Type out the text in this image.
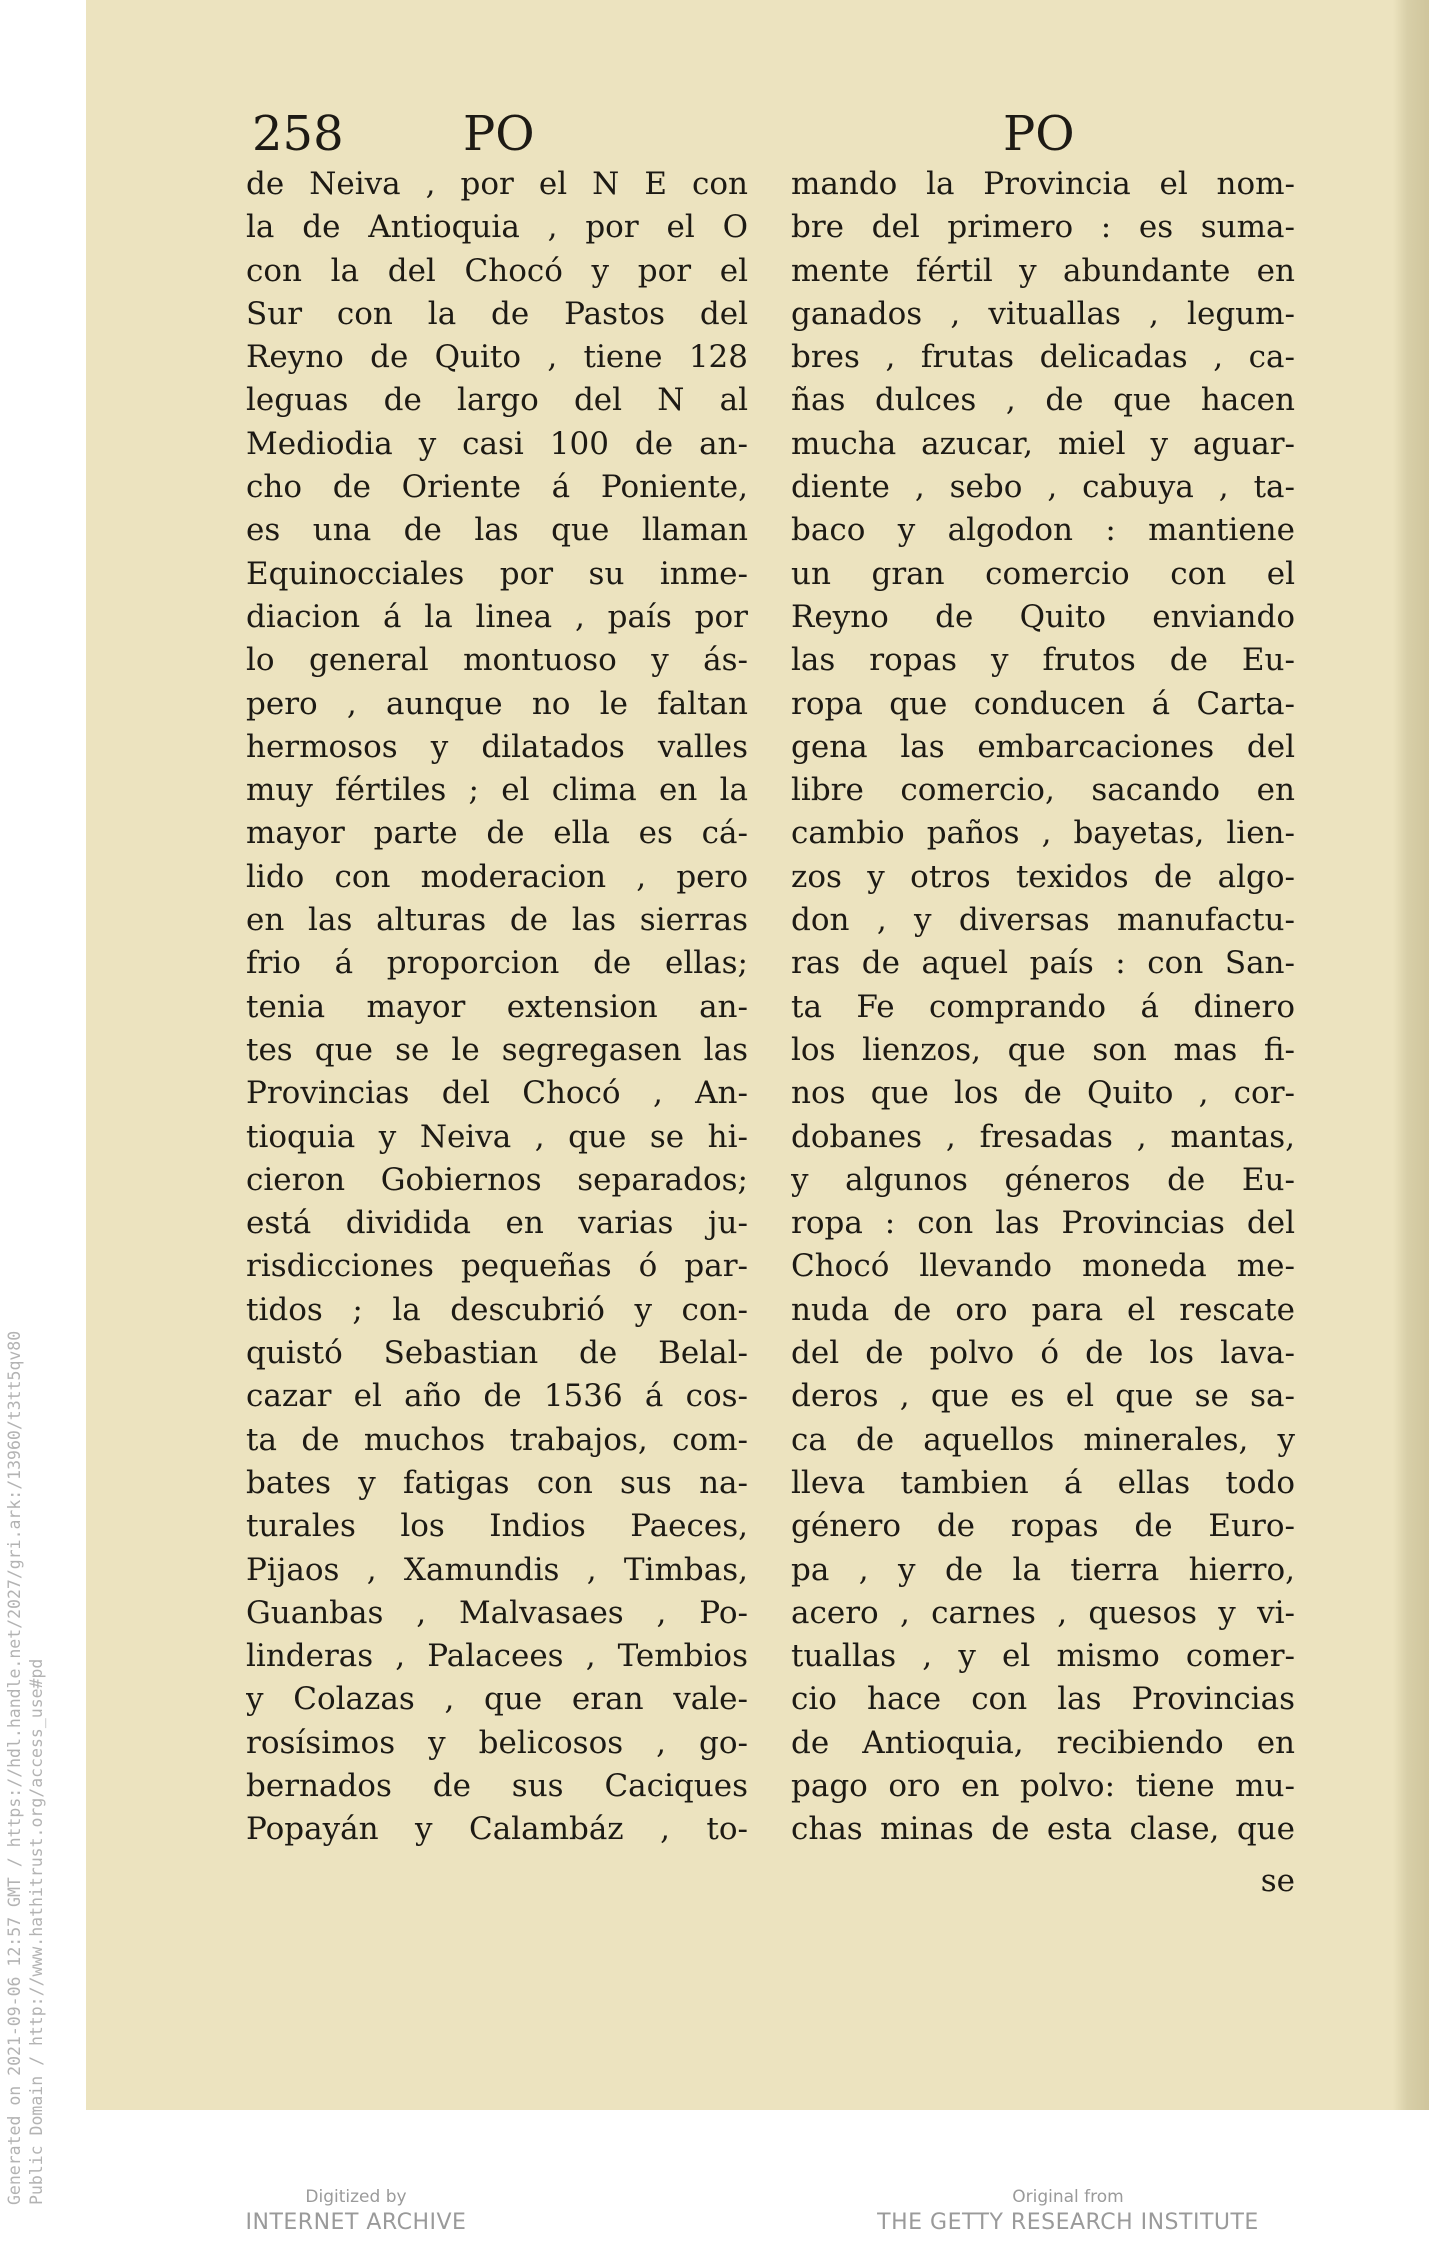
Generated on 2021-09-06 12:57 GMT / https://hdl.handle.net/2027/gri.ark:/13960/t3tt5qv80 Public Domain / http://www.hathitrust.org/access_use#pd
258 PO	PO
de Neiva , por el N E con
la de Antioquia , por el O
con la del Chocó y por el
Sur con la de Pastos del
Reyno de Quito , tiene 128
leguas de largo del N al
Mediodia y casi 100 de an-
cho de Oriente á Poniente,
es una de las que llaman
Equinocciales por su inme-
diacion á la linea , país por
lo general montuoso y ás-
pero , aunque no le faltan
hermosos y dilatados valles
muy fértiles ; el clima en la
mayor parte de ella es cá-
lido con moderacion , pero
en las alturas de las sierras
frio á proporcion de ellas;
tenia mayor extension an-
tes que se le segregasen las
Provincias del Chocó , An-
tioquia y Neiva , que se hi-
cieron Gobiernos separados;
está dividida en varias ju-
risdicciones pequeñas ó par-
tidos ; la descubrió y con-
quistó Sebastian de Belal-
cazar el año de 1536 á cos-
ta de muchos trabajos, com-
bates y fatigas con sus na-
turales los Indios Paeces,
Pijaos , Xamundis , Timbas,
Guanbas , Malvasaes , Po-
linderas , Palacees , Tembios
y Colazas , que eran vale-
rosísimos y belicosos , go-
bernados de sus Caciques
Popayán y Calambáz , to-
mando la Provincia el nom-
bre del primero : es suma-
mente fértil y abundante en
ganados , vituallas , legum-
bres , frutas delicadas , ca-
ñas dulces , de que hacen
mucha azucar, miel y aguar-
diente , sebo , cabuya , ta-
baco y algodon : mantiene
un gran comercio con el
Reyno de Quito enviando
las ropas y frutos de Eu-
ropa que conducen á Carta-
gena las embarcaciones del
libre comercio, sacando en
cambio paños , bayetas, lien-
zos y otros texidos de algo-
don , y diversas manufactu-
ras de aquel país : con San-
ta Fe comprando á dinero
los lienzos, que son mas fi-
nos que los de Quito , cor-
dobanes , fresadas , mantas,
y algunos géneros de Eu-
ropa : con las Provincias del
Chocó llevando moneda me-
nuda de oro para el rescate
del de polvo ó de los lava-
deros , que es el que se sa-
ca de aquellos minerales, y
lleva tambien á ellas todo
género de ropas de Euro-
pa , y de la tierra hierro,
acero , carnes , quesos y vi-
tuallas , y el mismo comer-
cio hace con las Provincias
de Antioquia, recibiendo en
pago oro en polvo: tiene mu-
chas minas de esta clase, que
se
Digitized by
INTERNET ARCHIVE
Original from
THE GETTY RESEARCH INSTITUTE
